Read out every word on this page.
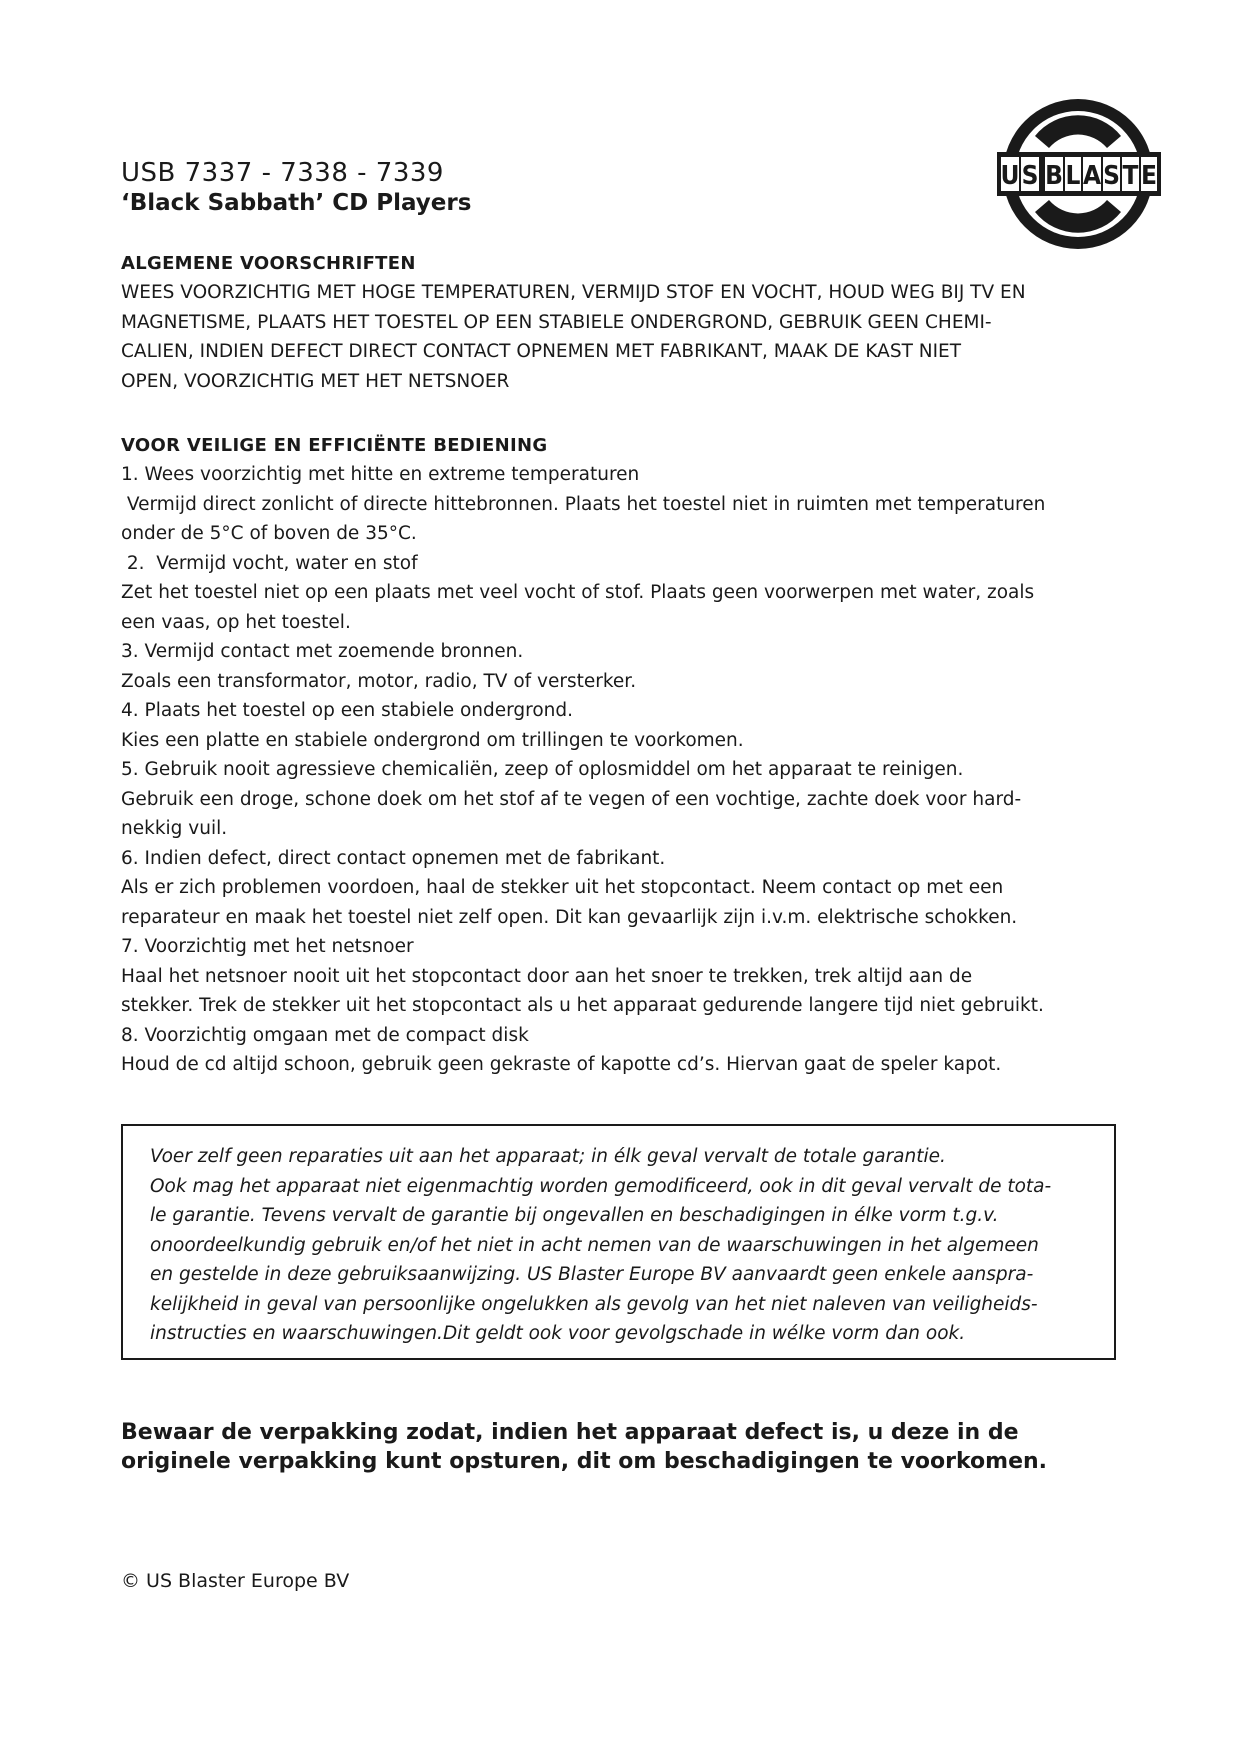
USB 7337 - 7338 - 7339
‘Black Sabbath’ CD Players
U S B L A S T E
ALGEMENE VOORSCHRIFTEN

WEES VOORZICHTIG MET HOGE TEMPERATUREN, VERMIJD STOF EN VOCHT, HOUD WEG BIJ TV EN

MAGNETISME, PLAATS HET TOESTEL OP EEN STABIELE ONDERGROND, GEBRUIK GEEN CHEMI-

CALIEN, INDIEN DEFECT DIRECT CONTACT OPNEMEN MET FABRIKANT, MAAK DE KAST NIET

OPEN, VOORZICHTIG MET HET NETSNOER

VOOR VEILIGE EN EFFICIËNTE BEDIENING

1. Wees voorzichtig met hitte en extreme temperaturen

Vermijd direct zonlicht of directe hittebronnen. Plaats het toestel niet in ruimten met temperaturen

onder de 5°C of boven de 35°C.

2.  Vermijd vocht, water en stof

Zet het toestel niet op een plaats met veel vocht of stof. Plaats geen voorwerpen met water, zoals

een vaas, op het toestel.

3. Vermijd contact met zoemende bronnen.

Zoals een transformator, motor, radio, TV of versterker.

4. Plaats het toestel op een stabiele ondergrond.

Kies een platte en stabiele ondergrond om trillingen te voorkomen.

5. Gebruik nooit agressieve chemicaliën, zeep of oplosmiddel om het apparaat te reinigen.

Gebruik een droge, schone doek om het stof af te vegen of een vochtige, zachte doek voor hard-

nekkig vuil.

6. Indien defect, direct contact opnemen met de fabrikant.

Als er zich problemen voordoen, haal de stekker uit het stopcontact. Neem contact op met een

reparateur en maak het toestel niet zelf open. Dit kan gevaarlijk zijn i.v.m. elektrische schokken.

7. Voorzichtig met het netsnoer

Haal het netsnoer nooit uit het stopcontact door aan het snoer te trekken, trek altijd aan de

stekker. Trek de stekker uit het stopcontact als u het apparaat gedurende langere tijd niet gebruikt.

8. Voorzichtig omgaan met de compact disk

Houd de cd altijd schoon, gebruik geen gekraste of kapotte cd’s. Hiervan gaat de speler kapot.

Voer zelf geen reparaties uit aan het apparaat; in élk geval vervalt de totale garantie.

Ook mag het apparaat niet eigenmachtig worden gemodificeerd, ook in dit geval vervalt de tota-

le garantie. Tevens vervalt de garantie bij ongevallen en beschadigingen in élke vorm t.g.v.

onoordeelkundig gebruik en/of het niet in acht nemen van de waarschuwingen in het algemeen

en gestelde in deze gebruiksaanwijzing. US Blaster Europe BV aanvaardt geen enkele aanspra-

kelijkheid in geval van persoonlijke ongelukken als gevolg van het niet naleven van veiligheids-

instructies en waarschuwingen.Dit geldt ook voor gevolgschade in wélke vorm dan ook.

Bewaar de verpakking zodat, indien het apparaat defect is, u deze in de
originele verpakking kunt opsturen, dit om beschadigingen te voorkomen.

© US Blaster Europe BV
